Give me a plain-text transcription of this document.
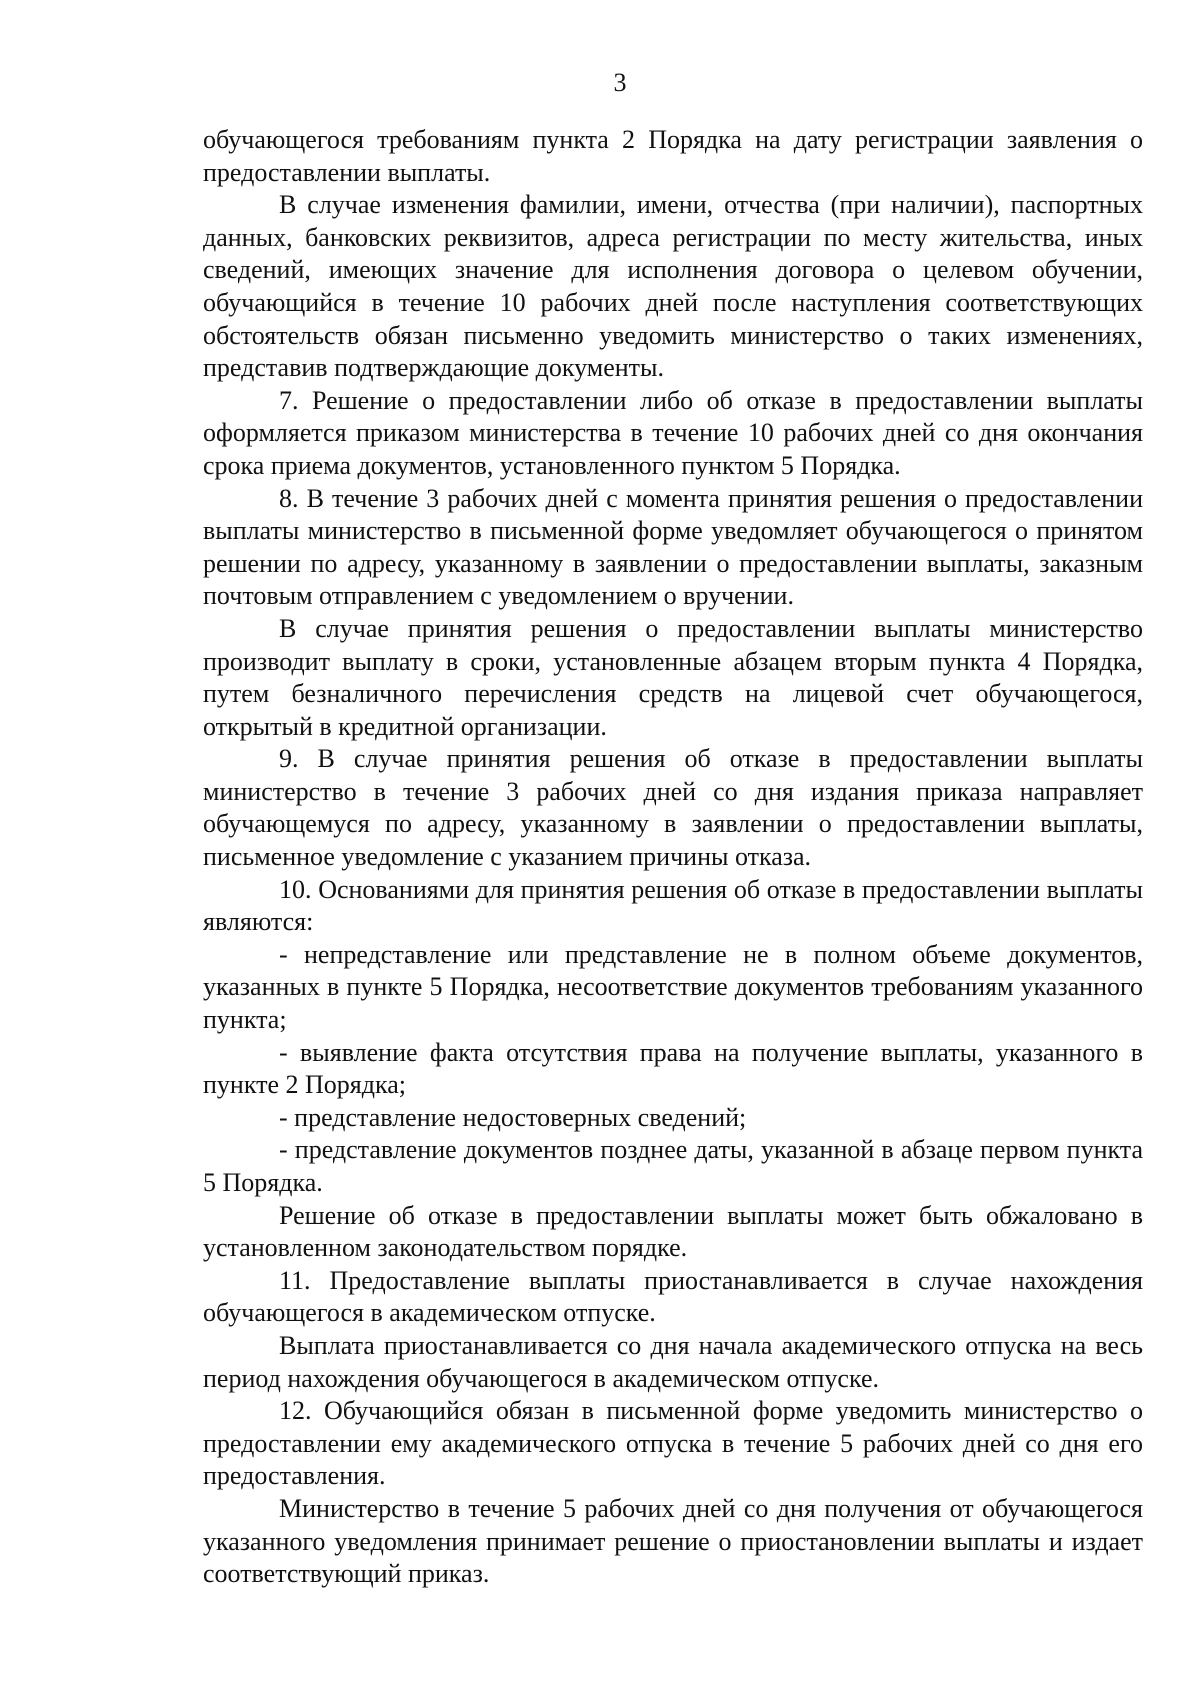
3

обучающегося требованиям пункта 2 Порядка на дату регистрации заявления о предоставлении выплаты.

В случае изменения фамилии, имени, отчества (при наличии), паспортных данных, банковских реквизитов, адреса регистрации по месту жительства, иных сведений, имеющих значение для исполнения договора о целевом обучении, обучающийся в течение 10 рабочих дней после наступления соответствующих обстоятельств обязан письменно уведомить министерство о таких изменениях, представив подтверждающие документы.

7. Решение о предоставлении либо об отказе в предоставлении выплаты оформляется приказом министерства в течение 10 рабочих дней со дня окончания срока приема документов, установленного пунктом 5 Порядка.

8. В течение 3 рабочих дней с момента принятия решения о предоставлении выплаты министерство в письменной форме уведомляет обучающегося о принятом решении по адресу, указанному в заявлении о предоставлении выплаты, заказным почтовым отправлением с уведомлением о вручении.

В случае принятия решения о предоставлении выплаты министерство производит выплату в сроки, установленные абзацем вторым пункта 4 Порядка, путем безналичного перечисления средств на лицевой счет обучающегося, открытый в кредитной организации.

9. В случае принятия решения об отказе в предоставлении выплаты министерство в течение 3 рабочих дней со дня издания приказа направляет обучающемуся по адресу, указанному в заявлении о предоставлении выплаты, письменное уведомление с указанием причины отказа.

10. Основаниями для принятия решения об отказе в предоставлении выплаты являются:

- непредставление или представление не в полном объеме документов, указанных в пункте 5 Порядка, несоответствие документов требованиям указанного пункта;

- выявление факта отсутствия права на получение выплаты, указанного в пункте 2 Порядка;

- представление недостоверных сведений;

- представление документов позднее даты, указанной в абзаце первом пункта 5 Порядка.

Решение об отказе в предоставлении выплаты может быть обжаловано в установленном законодательством порядке.

11. Предоставление выплаты приостанавливается в случае нахождения обучающегося в академическом отпуске.

Выплата приостанавливается со дня начала академического отпуска на весь период нахождения обучающегося в академическом отпуске.

12. Обучающийся обязан в письменной форме уведомить министерство о предоставлении ему академического отпуска в течение 5 рабочих дней со дня его предоставления.

Министерство в течение 5 рабочих дней со дня получения от обучающегося указанного уведомления принимает решение о приостановлении выплаты и издает соответствующий приказ.
